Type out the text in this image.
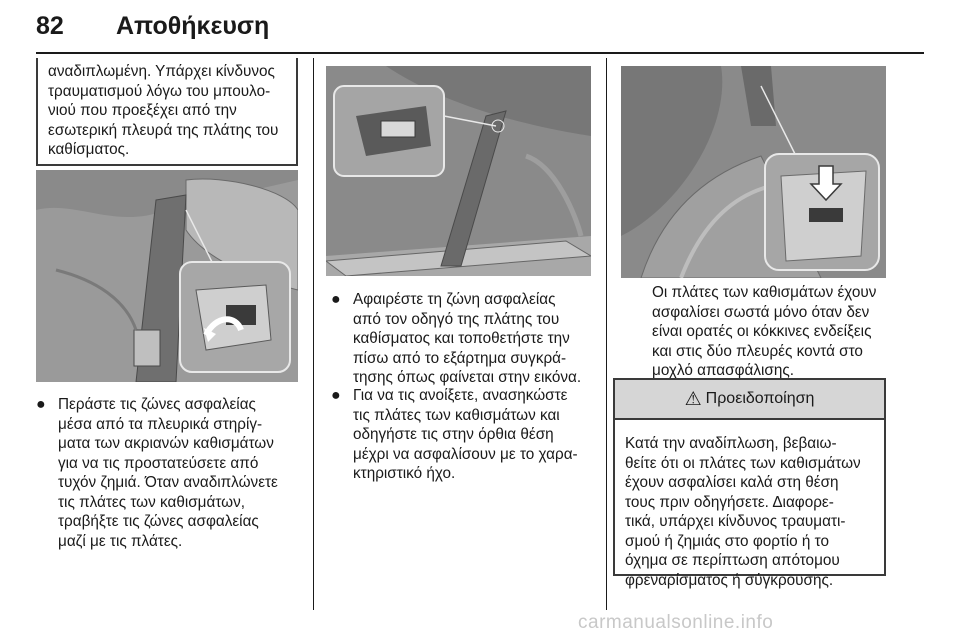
82 Αποθήκευση
αναδιπλωμένη. Υπάρχει κίνδυνος
τραυματισμού λόγω του μπουλο-
νιού που προεξέχει από την
εσωτερική πλευρά της πλάτης του
καθίσματος.
● Περάστε τις ζώνες ασφαλείας
μέσα από τα πλευρικά στηρίγ-
ματα των ακριανών καθισμάτων
για να τις προστατεύσετε από
τυχόν ζημιά. Όταν αναδιπλώνετε
τις πλάτες των καθισμάτων,
τραβήξτε τις ζώνες ασφαλείας
μαζί με τις πλάτες.
● Αφαιρέστε τη ζώνη ασφαλείας
από τον οδηγό της πλάτης του
καθίσματος και τοποθετήστε την
πίσω από το εξάρτημα συγκρά-
τησης όπως φαίνεται στην εικόνα.
● Για να τις ανοίξετε, ανασηκώστε
τις πλάτες των καθισμάτων και
οδηγήστε τις στην όρθια θέση
μέχρι να ασφαλίσουν με το χαρα-
κτηριστικό ήχο.
Οι πλάτες των καθισμάτων έχουν
ασφαλίσει σωστά μόνο όταν δεν
είναι ορατές οι κόκκινες ενδείξεις
και στις δύο πλευρές κοντά στο
μοχλό απασφάλισης.
⚠ Προειδοποίηση
Κατά την αναδίπλωση, βεβαιω-
θείτε ότι οι πλάτες των καθισμάτων
έχουν ασφαλίσει καλά στη θέση
τους πριν οδηγήσετε. Διαφορε-
τικά, υπάρχει κίνδυνος τραυματι-
σμού ή ζημιάς στο φορτίο ή το
όχημα σε περίπτωση απότομου
φρεναρίσματος ή σύγκρουσης.
carmanualsonline.info
